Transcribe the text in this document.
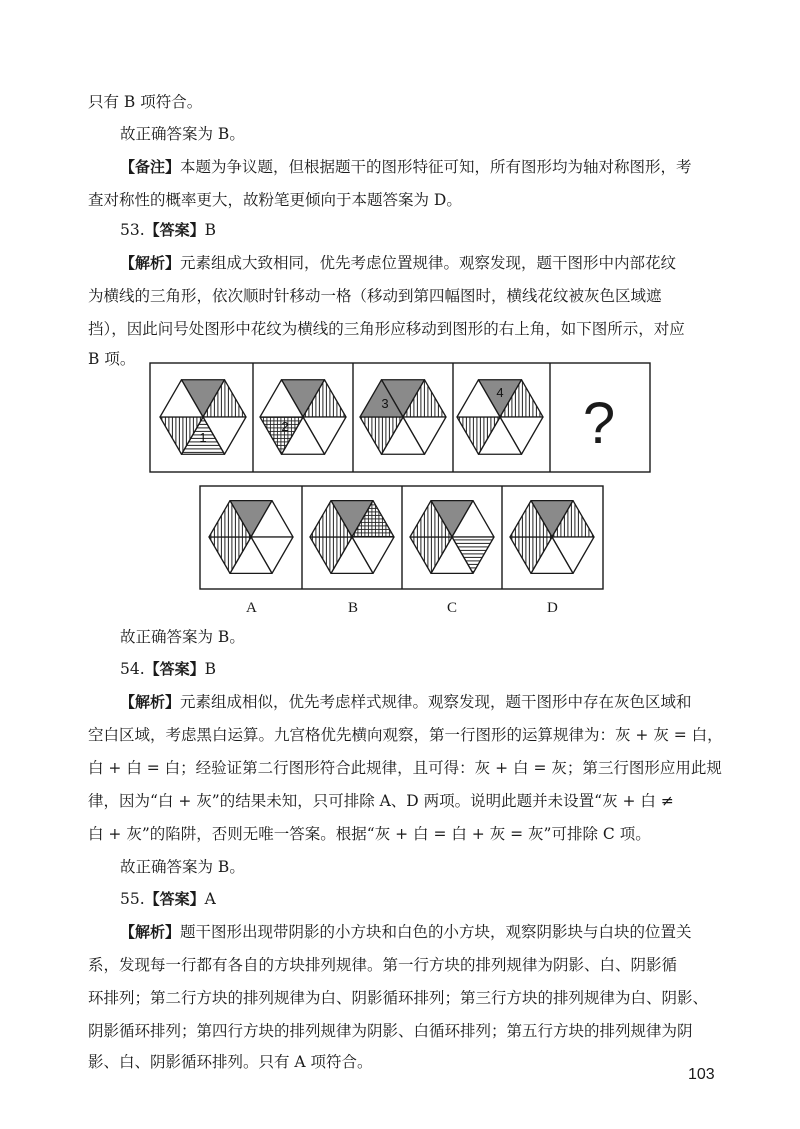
只有 B 项符合。
故正确答案为 B。
【备注】本题为争议题，但根据题干的图形特征可知，所有图形均为轴对称图形，考
查对称性的概率更大，故粉笔更倾向于本题答案为 D。
53.【答案】B
【解析】元素组成大致相同，优先考虑位置规律。观察发现，题干图形中内部花纹
为横线的三角形，依次顺时针移动一格（移动到第四幅图时，横线花纹被灰色区域遮
挡），因此问号处图形中花纹为横线的三角形应移动到图形的右上角，如下图所示，对应
B 项。
?
1
2
3
4
A	B	C	D
故正确答案为 B。
54.【答案】B
【解析】元素组成相似，优先考虑样式规律。观察发现，题干图形中存在灰色区域和
空白区域，考虑黑白运算。九宫格优先横向观察，第一行图形的运算规律为：灰 + 灰 = 白，
白 + 白 = 白；经验证第二行图形符合此规律，且可得：灰 + 白 = 灰；第三行图形应用此规
律，因为“白 + 灰”的结果未知，只可排除 A、D 两项。说明此题并未设置“灰 + 白 ≠
白 + 灰”的陷阱，否则无唯一答案。根据“灰 + 白 = 白 + 灰 = 灰”可排除 C 项。
故正确答案为 B。
55.【答案】A
【解析】题干图形出现带阴影的小方块和白色的小方块，观察阴影块与白块的位置关
系，发现每一行都有各自的方块排列规律。第一行方块的排列规律为阴影、白、阴影循
环排列；第二行方块的排列规律为白、阴影循环排列；第三行方块的排列规律为白、阴影、
阴影循环排列；第四行方块的排列规律为阴影、白循环排列；第五行方块的排列规律为阴
影、白、阴影循环排列。只有 A 项符合。
103
